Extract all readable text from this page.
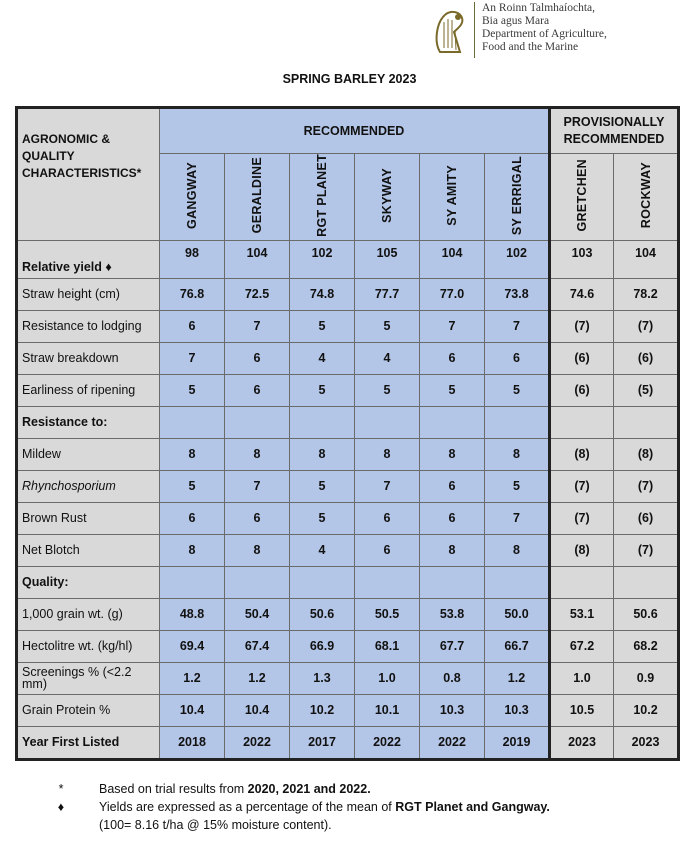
An Roinn Talmhaíochta,
Bia agus Mara
Department of Agriculture,
Food and the Marine
SPRING BARLEY 2023
AGRONOMIC & QUALITY CHARACTERISTICS*	RECOMMENDED						PROVISIONALLY RECOMMENDED	
	GANGWAY	GERALDINE	RGT PLANET	SKYWAY	SY AMITY	SY ERRIGAL	GRETCHEN	ROCKWAY
Relative yield ♦	98	104	102	105	104	102	103	104
Straw height (cm)	76.8	72.5	74.8	77.7	77.0	73.8	74.6	78.2
Resistance to lodging	6	7	5	5	7	7	(7)	(7)
Straw breakdown	7	6	4	4	6	6	(6)	(6)
Earliness of ripening	5	6	5	5	5	5	(6)	(5)
Resistance to:								
Mildew	8	8	8	8	8	8	(8)	(8)
Rhynchosporium	5	7	5	7	6	5	(7)	(7)
Brown Rust	6	6	5	6	6	7	(7)	(6)
Net Blotch	8	8	4	6	8	8	(8)	(7)
Quality:								
1,000 grain wt. (g)	48.8	50.4	50.6	50.5	53.8	50.0	53.1	50.6
Hectolitre wt. (kg/hl)	69.4	67.4	66.9	68.1	67.7	66.7	67.2	68.2
Screenings % (<2.2 mm)	1.2	1.2	1.3	1.0	0.8	1.2	1.0	0.9
Grain Protein %	10.4	10.4	10.2	10.1	10.3	10.3	10.5	10.2
Year First Listed	2018	2022	2017	2022	2022	2019	2023	2023
*	Based on trial results from 2020, 2021 and 2022.
♦	Yields are expressed as a percentage of the mean of RGT Planet and Gangway.
(100= 8.16 t/ha @ 15% moisture content).
